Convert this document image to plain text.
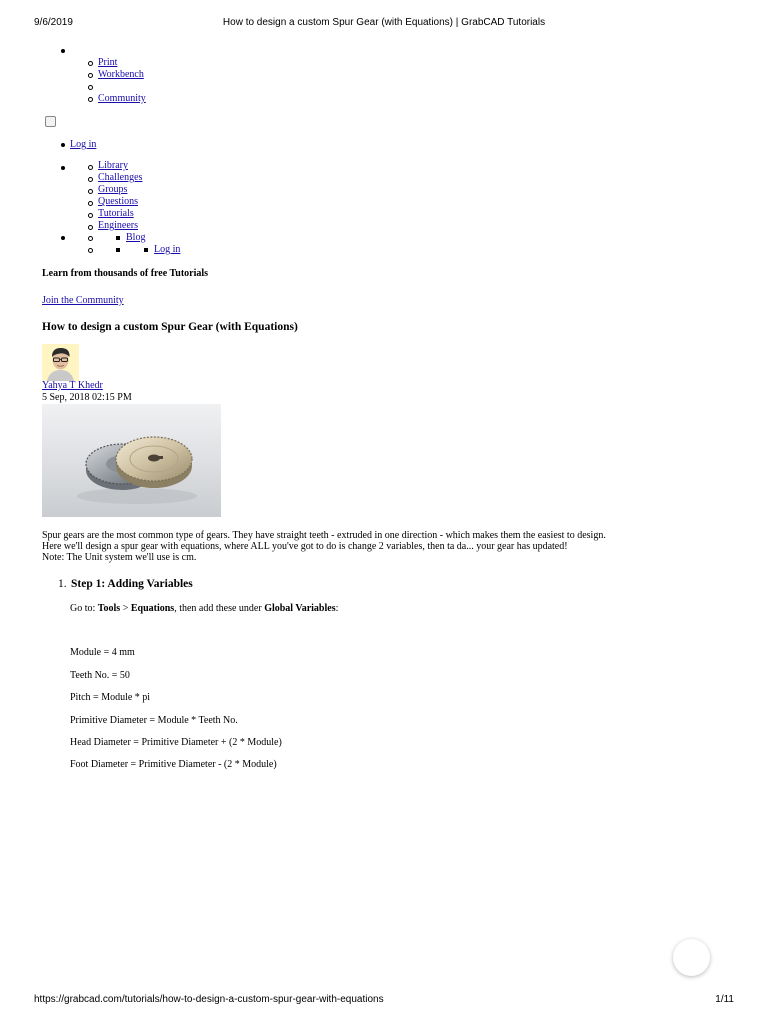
9/6/2019	How to design a custom Spur Gear (with Equations) | GrabCAD Tutorials
Print
Workbench
Community
Log in
Library
Challenges
Groups
Questions
Tutorials
Engineers
Blog
Log in
Learn from thousands of free Tutorials
Join the Community
How to design a custom Spur Gear (with Equations)
Yahya T Khedr
5 Sep, 2018 02:15 PM
Spur gears are the most common type of gears. They have straight teeth - extruded in one direction - which makes them the easiest to design.
Here we'll design a spur gear with equations, where ALL you've got to do is change 2 variables, then ta da... your gear has updated!
Note: The Unit system we'll use is cm.
1. Step 1: Adding Variables
Go to: Tools > Equations, then add these under Global Variables:
Module = 4 mm
Teeth No. = 50
Pitch = Module * pi
Primitive Diameter = Module * Teeth No.
Head Diameter = Primitive Diameter + (2 * Module)
Foot Diameter = Primitive Diameter - (2 * Module)
https://grabcad.com/tutorials/how-to-design-a-custom-spur-gear-with-equations	1/11
